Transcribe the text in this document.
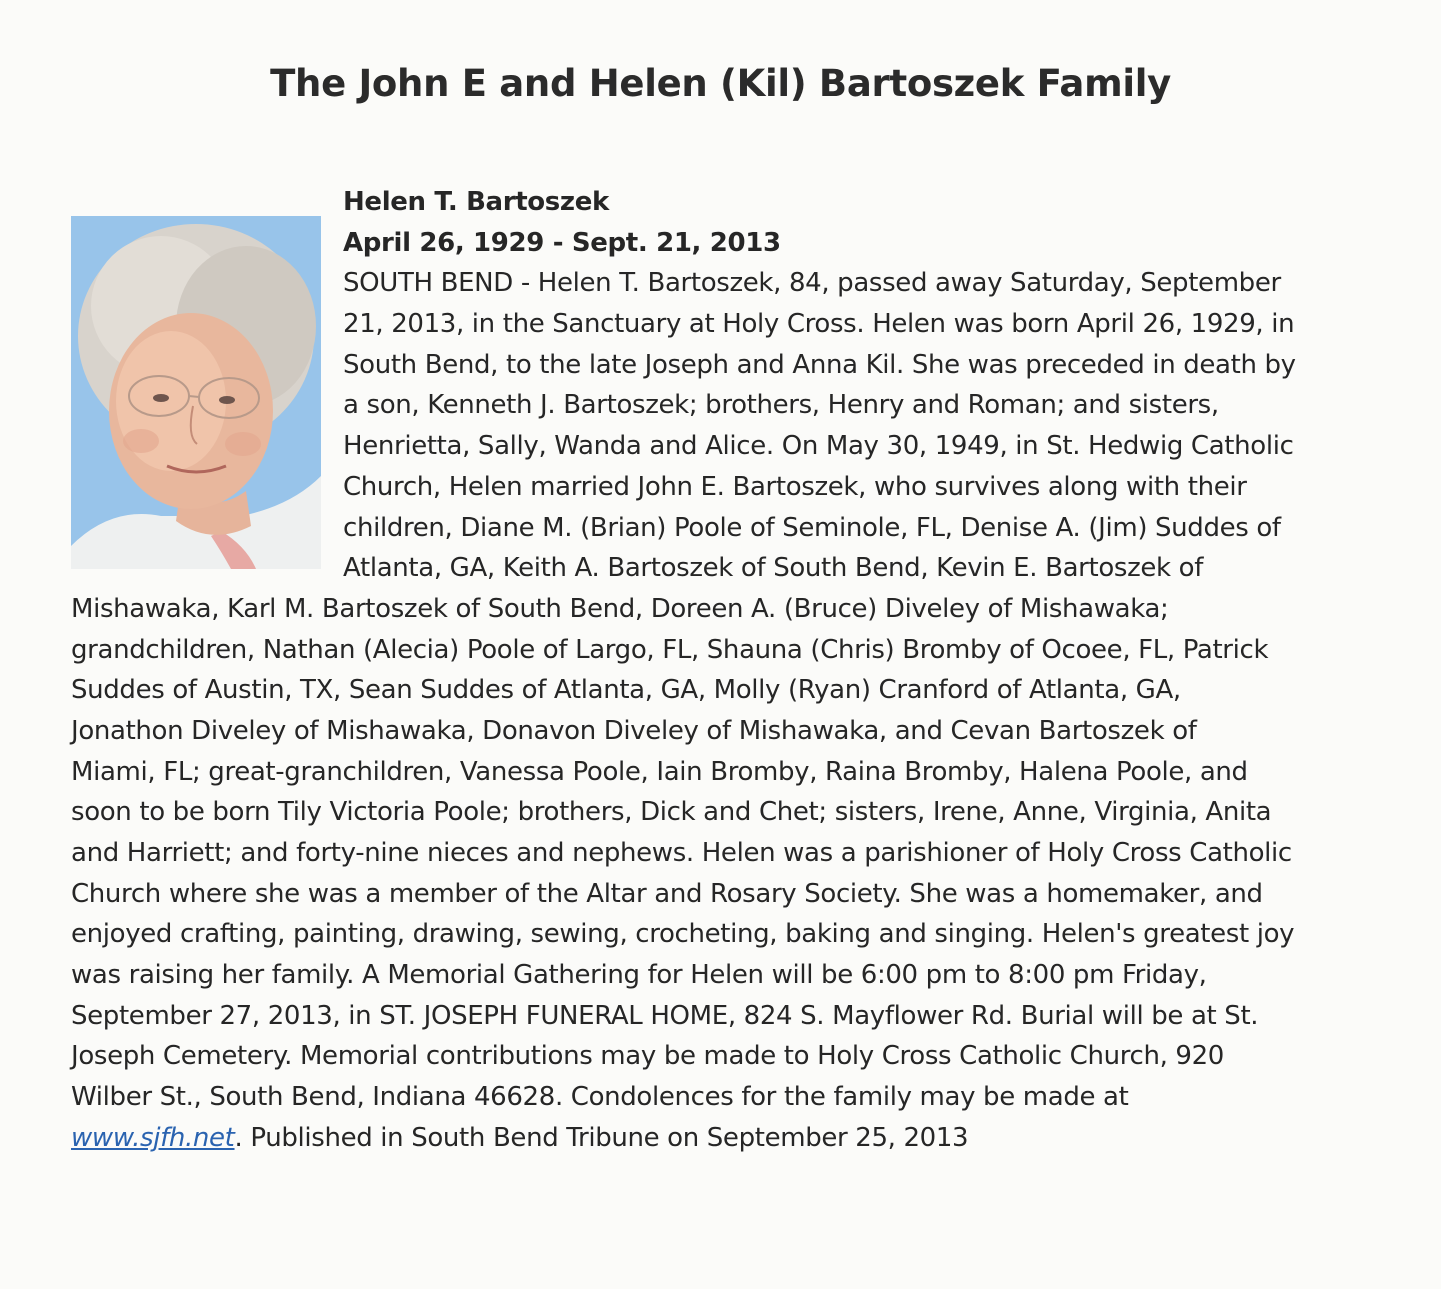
The John E and Helen (Kil) Bartoszek Family
Helen T. Bartoszek
April 26, 1929 - Sept. 21, 2013
SOUTH BEND - Helen T. Bartoszek, 84, passed away Saturday, September
21, 2013, in the Sanctuary at Holy Cross. Helen was born April 26, 1929, in
South Bend, to the late Joseph and Anna Kil. She was preceded in death by
a son, Kenneth J. Bartoszek; brothers, Henry and Roman; and sisters,
Henrietta, Sally, Wanda and Alice. On May 30, 1949, in St. Hedwig Catholic
Church, Helen married John E. Bartoszek, who survives along with their
children, Diane M. (Brian) Poole of Seminole, FL, Denise A. (Jim) Suddes of
Atlanta, GA, Keith A. Bartoszek of South Bend, Kevin E. Bartoszek of
Mishawaka, Karl M. Bartoszek of South Bend, Doreen A. (Bruce) Diveley of Mishawaka;
grandchildren, Nathan (Alecia) Poole of Largo, FL, Shauna (Chris) Bromby of Ocoee, FL, Patrick
Suddes of Austin, TX, Sean Suddes of Atlanta, GA, Molly (Ryan) Cranford of Atlanta, GA,
Jonathon Diveley of Mishawaka, Donavon Diveley of Mishawaka, and Cevan Bartoszek of
Miami, FL; great-granchildren, Vanessa Poole, Iain Bromby, Raina Bromby, Halena Poole, and
soon to be born Tily Victoria Poole; brothers, Dick and Chet; sisters, Irene, Anne, Virginia, Anita
and Harriett; and forty-nine nieces and nephews. Helen was a parishioner of Holy Cross Catholic
Church where she was a member of the Altar and Rosary Society. She was a homemaker, and
enjoyed crafting, painting, drawing, sewing, crocheting, baking and singing. Helen's greatest joy
was raising her family. A Memorial Gathering for Helen will be 6:00 pm to 8:00 pm Friday,
September 27, 2013, in ST. JOSEPH FUNERAL HOME, 824 S. Mayflower Rd. Burial will be at St.
Joseph Cemetery. Memorial contributions may be made to Holy Cross Catholic Church, 920
Wilber St., South Bend, Indiana 46628. Condolences for the family may be made at
www.sjfh.net. Published in South Bend Tribune on September 25, 2013
